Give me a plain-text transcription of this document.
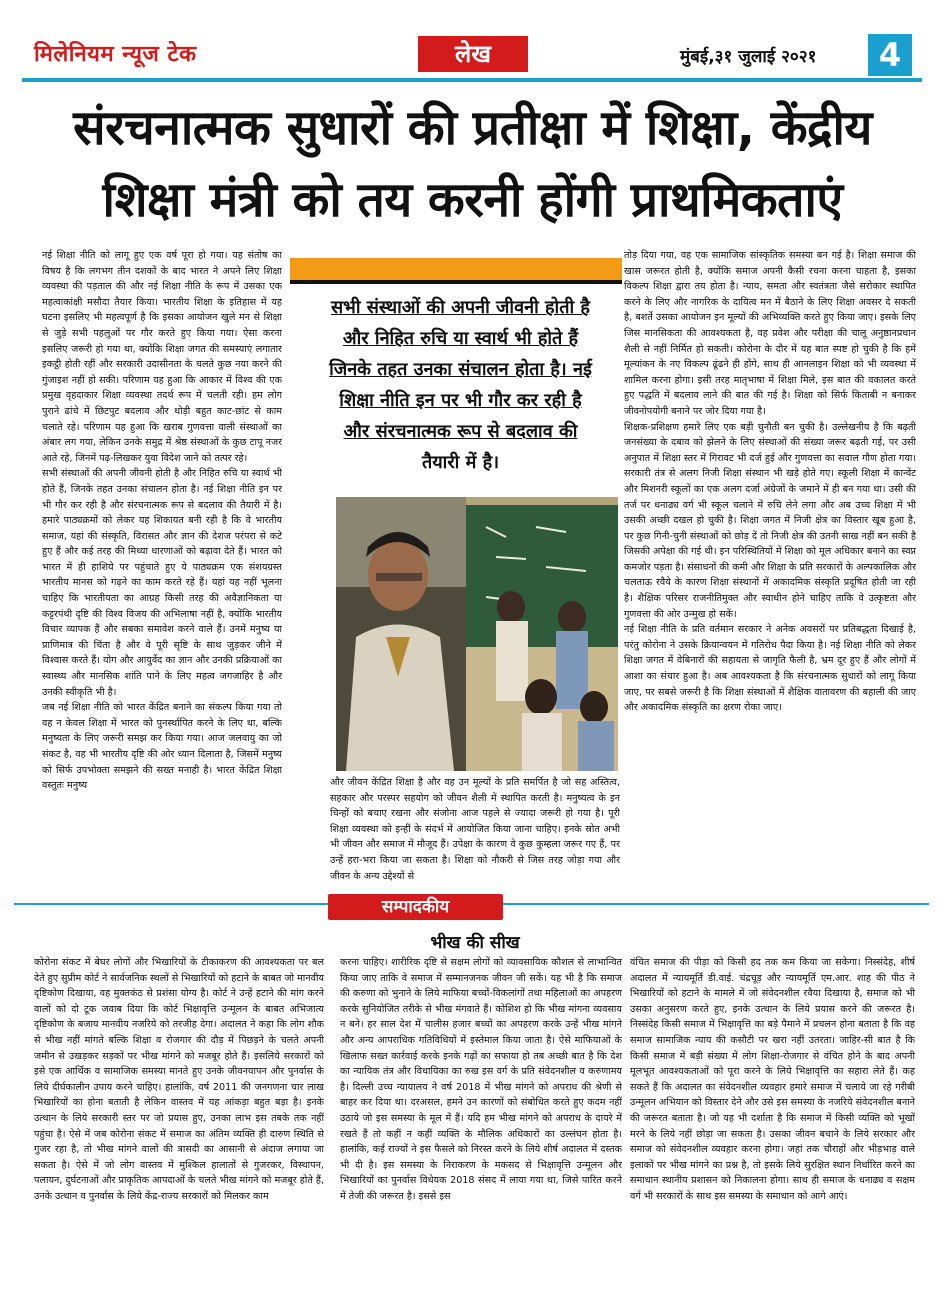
मिलेनियम न्यूज टेक	लेख	मुंबई,३१ जुलाई २०२१	4
संरचनात्मक सुधारों की प्रतीक्षा में शिक्षा, केंद्रीय
शिक्षा मंत्री को तय करनी होंगी प्राथमिकताएं

नई शिक्षा नीति को लागू हुए एक वर्ष पूरा हो गया। यह संतोष का विषय है कि लगभग तीन दशकों के बाद भारत ने अपने लिए शिक्षा व्यवस्था की पड़ताल की और नई शिक्षा नीति के रूप में उसका एक महत्वाकांक्षी मसौदा तैयार किया। भारतीय शिक्षा के इतिहास में यह घटना इसलिए भी महत्वपूर्ण है कि इसका आयोजन खुले मन से शिक्षा से जुड़े सभी पहलुओं पर गौर करते हुए किया गया। ऐसा करना इसलिए जरूरी हो गया था, क्योंकि शिक्षा जगत की समस्याएं लगातार इकट्ठी होती रहीं और सरकारी उदासीनता के चलते कुछ नया करने की गुंजाइश नहीं हो सकी। परिणाम यह हुआ कि आकार में विश्व की एक प्रमुख वृहदाकार शिक्षा व्यवस्था तदर्थ रूप में चलती रही। हम लोग पुराने ढांचे में छिटपुट बदलाव और थोड़ी बहुत काट-छांट से काम चलाते रहे। परिणाम यह हुआ कि खराब गुणवत्ता वाली संस्थाओं का अंबार लग गया, लेकिन उनके समुद्र में श्रेष्ठ संस्थाओं के कुछ टापू नजर आते रहे, जिनमें पढ़-लिखकर युवा विदेश जाने को तत्पर रहे।

सभी संस्थाओं की अपनी जीवनी होती है और निहित रुचि या स्वार्थ भी होते हैं, जिनके तहत उनका संचालन होता है। नई शिक्षा नीति इन पर भी गौर कर रही है और संरचनात्मक रूप से बदलाव की तैयारी में है। हमारे पाठ्यक्रमों को लेकर यह शिकायत बनी रही है कि वे भारतीय समाज, यहां की संस्कृति, विरासत और ज्ञान की देशज परंपरा से कटे हुए हैं और कई तरह की मिथ्या धारणाओं को बढ़ावा देते हैं। भारत को भारत में ही हाशिये पर पहुंचाते हुए ये पाठ्यक्रम एक संशयग्रस्त भारतीय मानस को गढ़ने का काम करते रहे हैं। यहां यह नहीं भूलना चाहिए कि भारतीयता का आग्रह किसी तरह की अवैज्ञानिकता या कट्टरपंथी दृष्टि की विश्व विजय की अभिलाषा नहीं है, क्योंकि भारतीय विचार व्यापक हैं और सबका समावेश करने वाले हैं। उनमें मनुष्य या प्राणिमात्र की चिंता है और वे पूरी सृष्टि के साथ जुड़कर जीने में विश्वास करते हैं। योग और आयुर्वेद का ज्ञान और उनकी प्रक्रियाओं का स्वास्थ्य और मानसिक शांति पाने के लिए महत्व जगजाहिर है और उनकी स्वीकृति भी है।

जब नई शिक्षा नीति को भारत केंद्रित बनाने का संकल्प किया गया तो वह न केवल शिक्षा में भारत को पुनर्स्थापित करने के लिए था, बल्कि मनुष्यता के लिए जरूरी समझ कर किया गया। आज जलवायु का जो संकट है, वह भी भारतीय दृष्टि की ओर ध्यान दिलाता है, जिसमें मनुष्य को सिर्फ उपभोक्ता समझने की सख्त मनाही है। भारत केंद्रित शिक्षा वस्तुतः मनुष्य

सभी संस्थाओं की अपनी जीवनी होती है
और निहित रुचि या स्वार्थ भी होते हैं
जिनके तहत उनका संचालन होता है। नई
शिक्षा नीति इन पर भी गौर कर रही है
और संरचनात्मक रूप से बदलाव की
तैयारी में है।

और जीवन केंद्रित शिक्षा है और वह उन मूल्यों के प्रति समर्पित है जो सह अस्तित्व, सहकार और परस्पर सहयोग को जीवन शैली में स्थापित करती है। मनुष्यत्व के इन चिन्हों को बचाए रखना और संजोना आज पहले से ज्यादा जरूरी हो गया है। पूरी शिक्षा व्यवस्था को इन्हीं के संदर्भ में आयोजित किया जाना चाहिए। इनके स्रोत अभी भी जीवन और समाज में मौजूद हैं। उपेक्षा के कारण वे कुछ कुम्हला जरूर गए हैं, पर उन्हें हरा-भरा किया जा सकता है। शिक्षा को नौकरी से जिस तरह जोड़ा गया और जीवन के अन्य उद्देश्यों से

तोड़ दिया गया, वह एक सामाजिक सांस्कृतिक समस्या बन गई है। शिक्षा समाज की खास जरूरत होती है, क्योंकि समाज अपनी कैसी रचना करना चाहता है, इसका विकल्प शिक्षा द्वारा तय होता है। न्याय, समता और स्वतंत्रता जैसे सरोकार स्थापित करने के लिए और नागरिक के दायित्व मन में बैठाने के लिए शिक्षा अवसर दे सकती है, बशर्ते उसका आयोजन इन मूल्यों की अभिव्यक्ति करते हुए किया जाए। इसके लिए जिस मानसिकता की आवश्यकता है, वह प्रवेश और परीक्षा की चालू अनुष्ठानप्रधान शैली से नहीं निर्मित हो सकती। कोरोना के दौर में यह बात स्पष्ट हो चुकी है कि हमें मूल्यांकन के नए विकल्प ढूंढने ही होंगे, साथ ही आनलाइन शिक्षा को भी व्यवस्था में शामिल करना होगा। इसी तरह मातृभाषा में शिक्षा मिले, इस बात की वकालत करते हुए पद्धति में बदलाव लाने की बात की गई है। शिक्षा को सिर्फ किताबी न बनाकर जीवनोपयोगी बनाने पर जोर दिया गया है।

शिक्षक-प्रशिक्षण हमारे लिए एक बड़ी चुनौती बन चुकी है। उल्लेखनीय है कि बढ़ती जनसंख्या के दबाव को झेलने के लिए संस्थाओं की संख्या जरूर बढ़ती गई, पर उसी अनुपात में शिक्षा स्तर में गिरावट भी दर्ज हुई और गुणवत्ता का सवाल गौण होता गया। सरकारी तंत्र से अलग निजी शिक्षा संस्थान भी खड़े होते गए। स्कूली शिक्षा में कान्वेंट और मिशनरी स्कूलों का एक अलग दर्जा अंग्रेजों के जमाने में ही बन गया था। उसी की तर्ज पर धनाढ्य वर्ग भी स्कूल चलाने में रुचि लेने लगा और अब उच्च शिक्षा में भी उसकी अच्छी दखल हो चुकी है। शिक्षा जगत में निजी क्षेत्र का विस्तार खूब हुआ है, पर कुछ गिनी-चुनी संस्थाओं को छोड़ दें तो निजी क्षेत्र की उतनी साख नहीं बन सकी है जिसकी अपेक्षा की गई थी। इन परिस्थितियों में शिक्षा को मूल अधिकार बनाने का स्वप्न कमजोर पड़ता है। संसाधनों की कमी और शिक्षा के प्रति सरकारों के अल्पकालिक और चलताऊ रवैये के कारण शिक्षा संस्थानों में अकादमिक संस्कृति प्रदूषित होती जा रही है। शैक्षिक परिसर राजनीतिमुक्त और स्वाधीन होने चाहिए ताकि वे उत्कृष्टता और गुणवत्ता की ओर उन्मुख हो सकें।

नई शिक्षा नीति के प्रति वर्तमान सरकार ने अनेक अवसरों पर प्रतिबद्धता दिखाई है, परंतु कोरोना ने उसके क्रियान्वयन में गतिरोध पैदा किया है। नई शिक्षा नीति को लेकर शिक्षा जगत में वेबिनारों की सहायता से जागृति फैली है, भ्रम दूर हुए हैं और लोगों में आशा का संचार हुआ है। अब आवश्यकता है कि संरचनात्मक सुधारों को लागू किया जाए, पर सबसे जरूरी है कि शिक्षा संस्थाओं में शैक्षिक वातावरण की बहाली की जाए और अकादमिक संस्कृति का क्षरण रोका जाए।

सम्पादकीय
भीख की सीख
कोरोना संकट में बेघर लोगों और भिखारियों के टीकाकरण की आवश्यकता पर बल देते हुए सुप्रीम कोर्ट ने सार्वजनिक स्थलों से भिखारियों को हटाने के बाबत जो मानवीय दृष्टिकोण दिखाया, वह मुक्तकंठ से प्रशंसा योग्य है। कोर्ट ने उन्हें हटाने की मांग करने वालों को दो टूक जवाब दिया कि कोर्ट भिक्षावृत्ति उन्मूलन के बाबत अभिजात्य दृष्टिकोण के बजाय मानवीय नजरिये को तरजीह देगा। अदालत ने कहा कि लोग शौक से भीख नहीं मांगते बल्कि शिक्षा व रोजगार की दौड़ में पिछड़ने के चलते अपनी जमीन से उखड़कर सड़कों पर भीख मांगने को मजबूर होते हैं। इसलिये सरकारों को इसे एक आर्थिक व सामाजिक समस्या मानते हुए उनके जीवनयापन और पुनर्वास के लिये दीर्घकालीन उपाय करने चाहिए। हालांकि, वर्ष 2011 की जनगणना चार लाख भिखारियों का होना बताती है लेकिन वास्तव में यह आंकड़ा बहुत बड़ा है। इनके उत्थान के लिये सरकारी स्तर पर जो प्रयास हुए, उनका लाभ इस तबके तक नहीं पहुंचा है। ऐसे में जब कोरोना संकट में समाज का अंतिम व्यक्ति ही दारुण स्थिति से गुजर रहा है, तो भीख मांगने वालों की त्रासदी का आसानी से अंदाज लगाया जा सकता है। ऐसे में जो लोग वास्तव में मुश्किल हालातों से गुजरकर, विस्थापन, पलायन, दुर्घटनाओं और प्राकृतिक आपदाओं के चलते भीख मांगने को मजबूर होते हैं, उनके उत्थान व पुनर्वास के लिये केंद्र-राज्य सरकारों को मिलकर काम
करना चाहिए। शारीरिक दृष्टि से सक्षम लोगों को व्यावसायिक कौशल से लाभान्वित किया जाए ताकि वे समाज में सम्मानजनक जीवन जी सकें। यह भी है कि समाज की करुणा को भुनाने के लिये माफिया बच्चों-विकलांगों तथा महिलाओं का अपहरण करके सुनियोजित तरीके से भीख मंगवाते हैं। कोशिश हो कि भीख मांगना व्यवसाय न बने। हर साल देश में चालीस हजार बच्चों का अपहरण करके उन्हें भीख मांगने और अन्य आपराधिक गतिविधियों में इस्तेमाल किया जाता है। ऐसे माफियाओं के खिलाफ सख्त कार्रवाई करके इनके गढ़ों का सफाया हो तब अच्छी बात है कि देश का न्यायिक तंत्र और विधायिका का रुख इस वर्ग के प्रति संवेदनशील व करुणामय है। दिल्ली उच्च न्यायालय ने वर्ष 2018 में भीख मांगने को अपराध की श्रेणी से बाहर कर दिया था। दरअसल, हमने उन कारणों को संबोधित करते हुए कदम नहीं उठाये जो इस समस्या के मूल में हैं। यदि हम भीख मांगने को अपराध के दायरे में रखते हैं तो कहीं न कहीं व्यक्ति के मौलिक अधिकारों का उल्लंघन होता है। हालांकि, कई राज्यों ने इस फैसले को निरस्त करने के लिये शीर्ष अदालत में दस्तक भी दी है। इस समस्या के निराकरण के मकसद से भिक्षावृत्ति उन्मूलन और भिखारियों का पुनर्वास विधेयक 2018 संसद में लाया गया था, जिसे पारित करने में तेजी की जरूरत है। इससे इस
वंचित समाज की पीड़ा को किसी हद तक कम किया जा सकेगा। निस्संदेह, शीर्ष अदालत में न्यायमूर्ति डी.वाई. चंद्रचूड़ और न्यायमूर्ति एम.आर. शाह की पीठ ने भिखारियों को हटाने के मामले में जो संवेदनशील रवैया दिखाया है, समाज को भी उसका अनुसरण करते हुए, इनके उत्थान के लिये प्रयास करने की जरूरत है। निस्संदेह किसी समाज में भिक्षावृत्ति का बड़े पैमाने में प्रचलन होना बताता है कि वह समाज सामाजिक न्याय की कसौटी पर खरा नहीं उतरता। जाहिर-सी बात है कि किसी समाज में बड़ी संख्या में लोग शिक्षा-रोजगार से वंचित होने के बाद अपनी मूलभूत आवश्यकताओं को पूरा करने के लिये भिक्षावृत्ति का सहारा लेते हैं। कह सकते हैं कि अदालत का संवेदनशील व्यवहार हमारे समाज में चलाये जा रहे गरीबी उन्मूलन अभियान को विस्तार देने और उसे इस समस्या के नजरिये संवेदनशील बनाने की जरूरत बताता है। जो यह भी दर्शाता है कि समाज में किसी व्यक्ति को भूखों मरने के लिये नहीं छोड़ा जा सकता है। उसका जीवन बचाने के लिये सरकार और समाज को संवेदनशील व्यवहार करना होगा। जहां तक चौराहों और भीड़भाड़ वाले इलाकों पर भीख मांगने का प्रश्न है, तो इसके लिये सुरक्षित स्थान निर्धारित करने का समाधान स्थानीय प्रशासन को निकालना होगा। साथ ही समाज के धनाढ्य व सक्षम वर्ग भी सरकारों के साथ इस समस्या के समाधान को आगे आएं।
